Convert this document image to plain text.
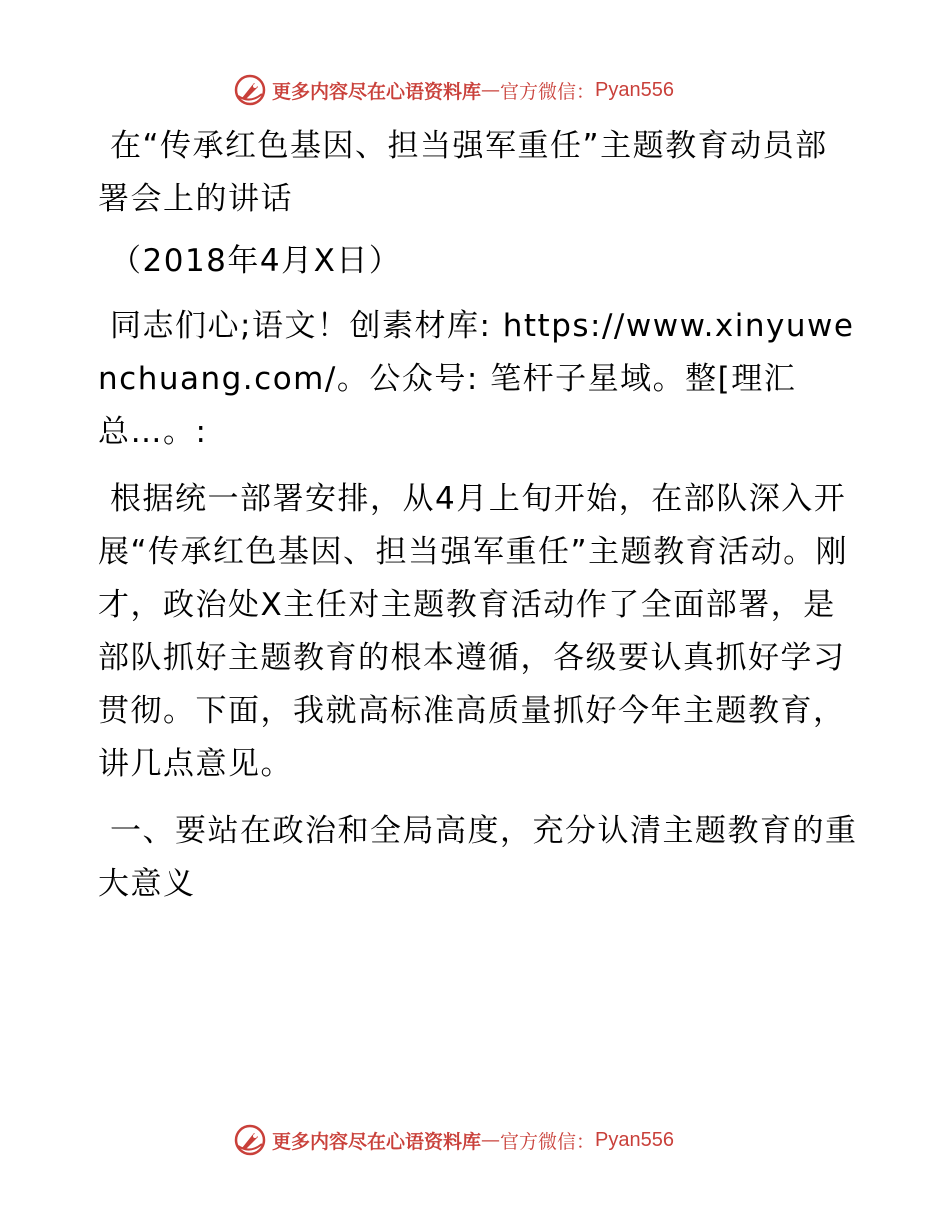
更多内容尽在心语资料库 — 官方微信： Pyan556

在“传承红色基因、担当强军重任”主题教育动员部署会上的讲话

（2018年4月X日）

同志们心;语文！创素材库: https://www.xinyuwenchuang.com/。公众号: 笔杆子星域。整[理汇总…。:

根据统一部署安排，从4月上旬开始，在部队深入开展“传承红色基因、担当强军重任”主题教育活动。刚才，政治处X主任对主题教育活动作了全面部署，是部队抓好主题教育的根本遵循，各级要认真抓好学习贯彻。下面，我就高标准高质量抓好今年主题教育，讲几点意见。

一、要站在政治和全局高度，充分认清主题教育的重大意义

更多内容尽在心语资料库 — 官方微信： Pyan556
